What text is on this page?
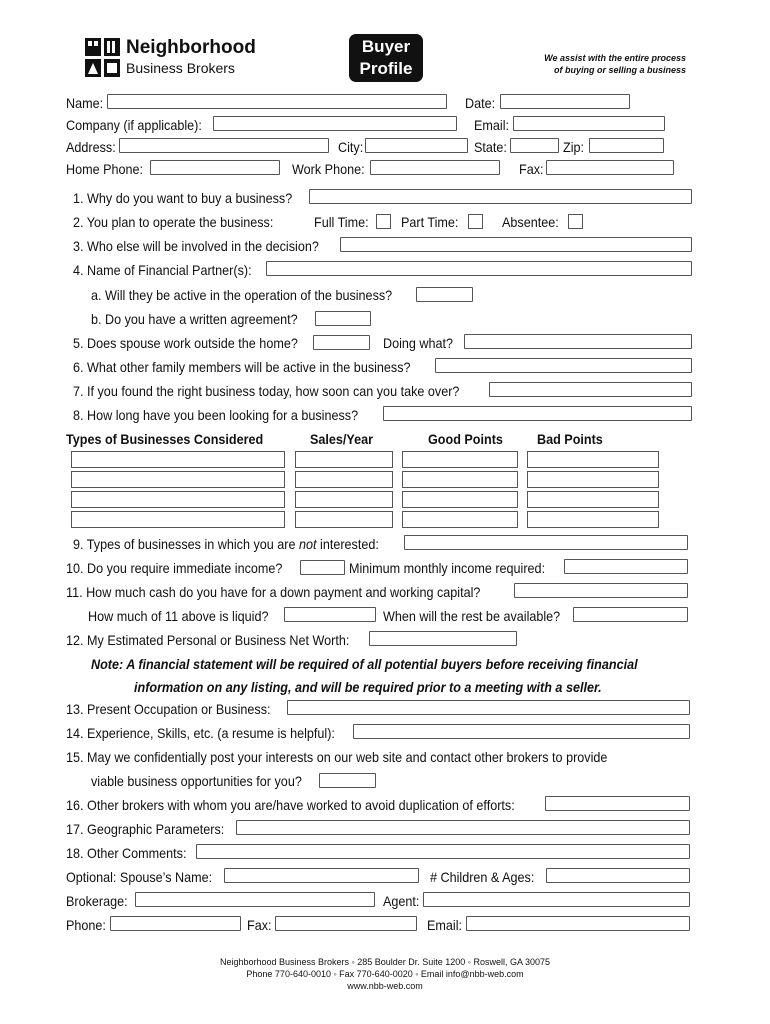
Neighborhood
Business Brokers
Buyer
Profile
We assist with the entire process
of buying or selling a business
Name:	Date:
Company (if applicable):	Email:
Address:	City:	State:	Zip:
Home Phone:	Work Phone:	Fax:
1. Why do you want to buy a business?
2. You plan to operate the business:	Full Time: Part Time:	Absentee:
3. Who else will be involved in the decision?
4. Name of Financial Partner(s):
a. Will they be active in the operation of the business?
b. Do you have a written agreement?
5. Does spouse work outside the home?	Doing what?
6. What other family members will be active in the business?
7. If you found the right business today, how soon can you take over?
8. How long have you been looking for a business?
Types of Businesses Considered	Sales/Year	Good Points Bad Points
9. Types of businesses in which you are not interested:
10. Do you require immediate income?	Minimum monthly income required:
11. How much cash do you have for a down payment and working capital?
How much of 11 above is liquid?	When will the rest be available?
12. My Estimated Personal or Business Net Worth:
Note: A financial statement will be required of all potential buyers before receiving financial
information on any listing, and will be required prior to a meeting with a seller.
13. Present Occupation or Business:
14. Experience, Skills, etc. (a resume is helpful):
15. May we confidentially post your interests on our web site and contact other brokers to provide
viable business opportunities for you?
16. Other brokers with whom you are/have worked to avoid duplication of efforts:
17. Geographic Parameters:
18. Other Comments:
Optional: Spouse’s Name:	# Children & Ages:
Brokerage:	Agent:
Phone:	Fax:	Email:
Neighborhood Business Brokers ◦ 285 Boulder Dr. Suite 1200 ◦ Roswell, GA 30075
Phone 770-640-0010 ◦ Fax 770-640-0020 ◦ Email info@nbb-web.com
www.nbb-web.com
